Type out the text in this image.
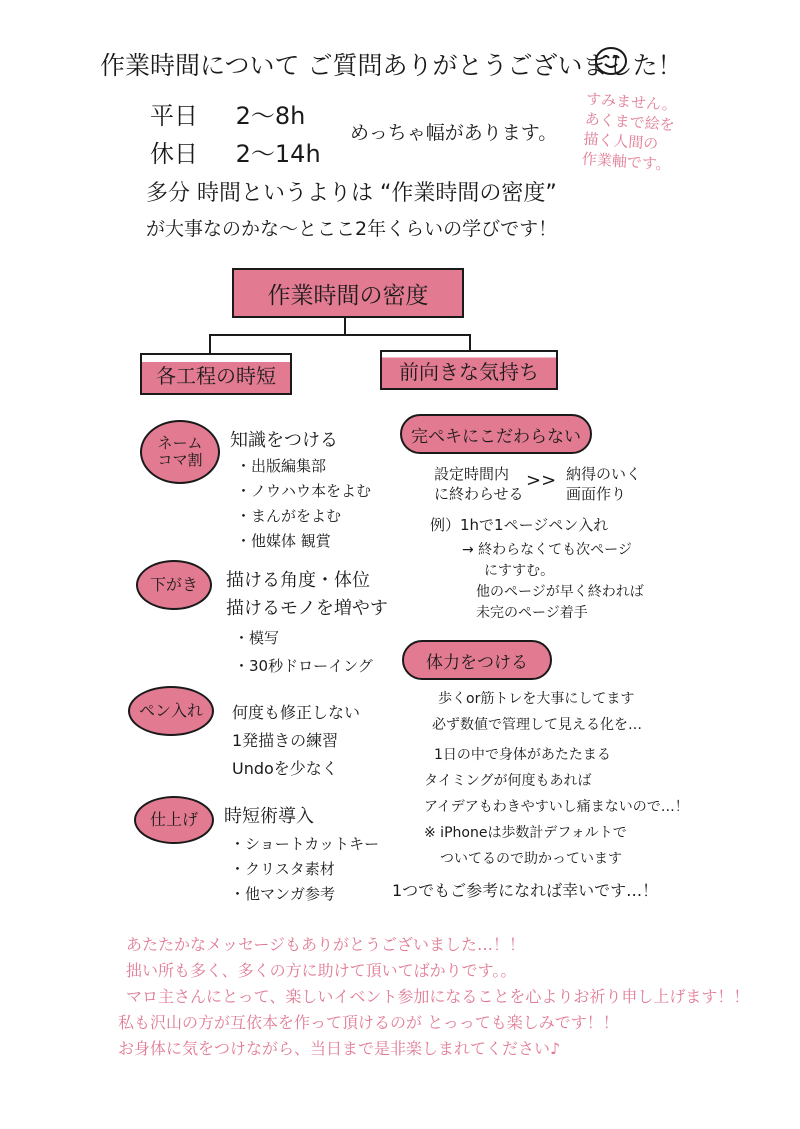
作業時間について ご質問ありがとうございました！
平日 2〜8h
休日 2〜14h
めっちゃ幅があります。
すみません。
あくまで絵を
描く人間の
作業軸です。
多分 時間というよりは “作業時間の密度”
が大事なのかな〜とここ2年くらいの学びです！
作業時間の密度
各工程の時短	前向きな気持ち
ネーム
コマ割
知識をつける
・出版編集部
・ノウハウ本をよむ
・まんがをよむ
・他媒体 観賞
下がき 描ける角度・体位
描けるモノを増やす
・模写
・30秒ドローイング
ペン入れ 何度も修正しない
1発描きの練習
Undoを少なく
仕上げ 時短術導入
・ショートカットキー
・クリスタ素材
・他マンガ参考
完ペキにこだわらない
設定時間内
に終わらせる
>> 納得のいく
画面作り
例）1hで1ページペン入れ
→ 終わらなくても次ページ
にすすむ。
他のページが早く終われば
未完のページ着手
体力をつける
歩くor筋トレを大事にしてます
必ず数値で管理して見える化を…
1日の中で身体があたたまる
タイミングが何度もあれば
アイデアもわきやすいし痛まないので…！
※ iPhoneは歩数計デフォルトで
ついてるので助かっています
1つでもご参考になれば幸いです…！
あたたかなメッセージもありがとうございました…！！
拙い所も多く、多くの方に助けて頂いてばかりです。。
マロ主さんにとって、楽しいイベント参加になることを心よりお祈り申し上げます！！
私も沢山の方が互依本を作って頂けるのが とっっても楽しみです！！
お身体に気をつけながら、当日まで是非楽しまれてください♪
